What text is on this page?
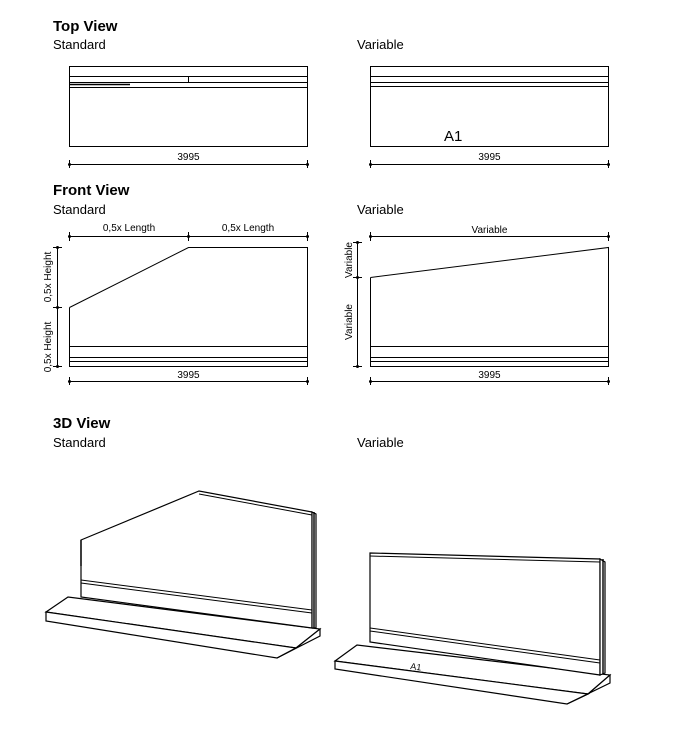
Top View
Standard	Variable
Front View
Standard	Variable
3D View
Standard	Variable
3995
A1
3995
0,5x Length	0,5x Length
0,5x Height
0,5x Height
3995
Variable
Variable
Variable
3995
A1
